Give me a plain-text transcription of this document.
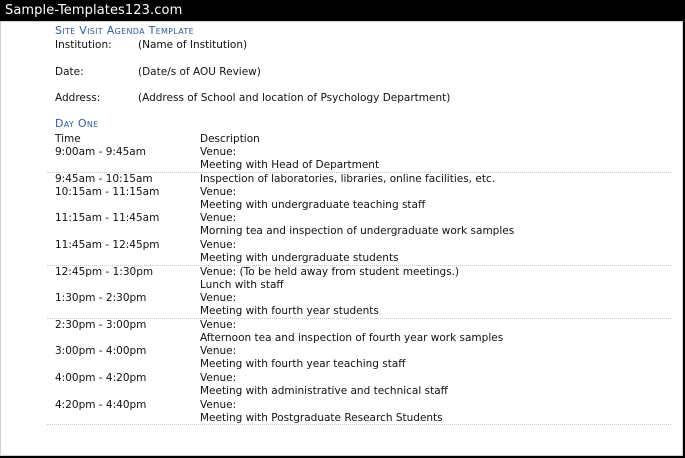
Sample-Templates123.com
Site Visit Agenda Template
Institution:	(Name of Institution)
Date:	(Date/s of AOU Review)
Address:	(Address of School and location of Psychology Department)
Day One
Time	Description
9:00am - 9:45am	Venue:
Meeting with Head of Department
9:45am - 10:15am	Inspection of laboratories, libraries, online facilities, etc.
10:15am - 11:15am	Venue:
Meeting with undergraduate teaching staff
11:15am - 11:45am	Venue:
Morning tea and inspection of undergraduate work samples
11:45am - 12:45pm	Venue:
Meeting with undergraduate students
12:45pm - 1:30pm	Venue: (To be held away from student meetings.)
Lunch with staff
1:30pm - 2:30pm	Venue:
Meeting with fourth year students
2:30pm - 3:00pm	Venue:
Afternoon tea and inspection of fourth year work samples
3:00pm - 4:00pm	Venue:
Meeting with fourth year teaching staff
4:00pm - 4:20pm	Venue:
Meeting with administrative and technical staff
4:20pm - 4:40pm	Venue:
Meeting with Postgraduate Research Students
